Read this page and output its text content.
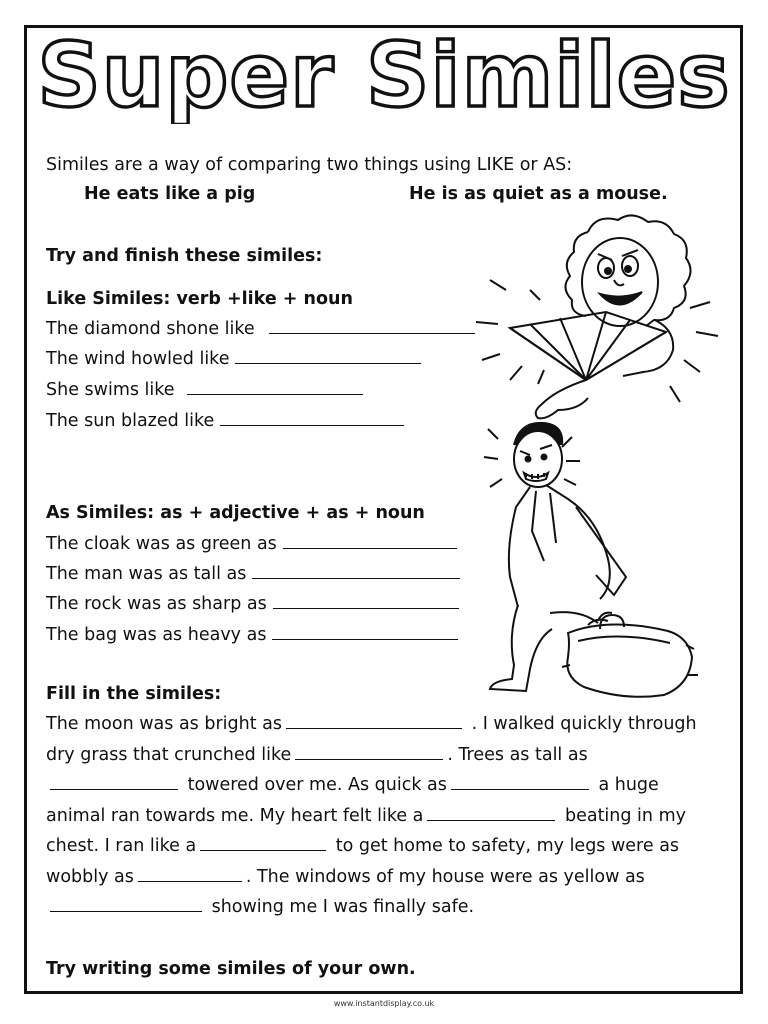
Super Similes
Similes are a way of comparing two things using LIKE or AS:
He eats like a pig	He is as quiet as a mouse.
Try and finish these similes:
Like Similes: verb +like + noun
The diamond shone like
The wind howled like
She swims like
The sun blazed like
As Similes: as + adjective + as + noun
The cloak was as green as
The man was as tall as
The rock was as sharp as
The bag was as heavy as
Fill in the similes:
The moon was as bright as	. I walked quickly through dry grass that crunched like	. Trees as tall as  towered over me. As quick as	a huge animal ran towards me. My heart felt like a	beating in my chest. I ran like a	to get home to safety, my legs were as wobbly as	. The windows of my house were as yellow as  showing me I was finally safe.
Try writing some similes of your own.
www.instantdisplay.co.uk
